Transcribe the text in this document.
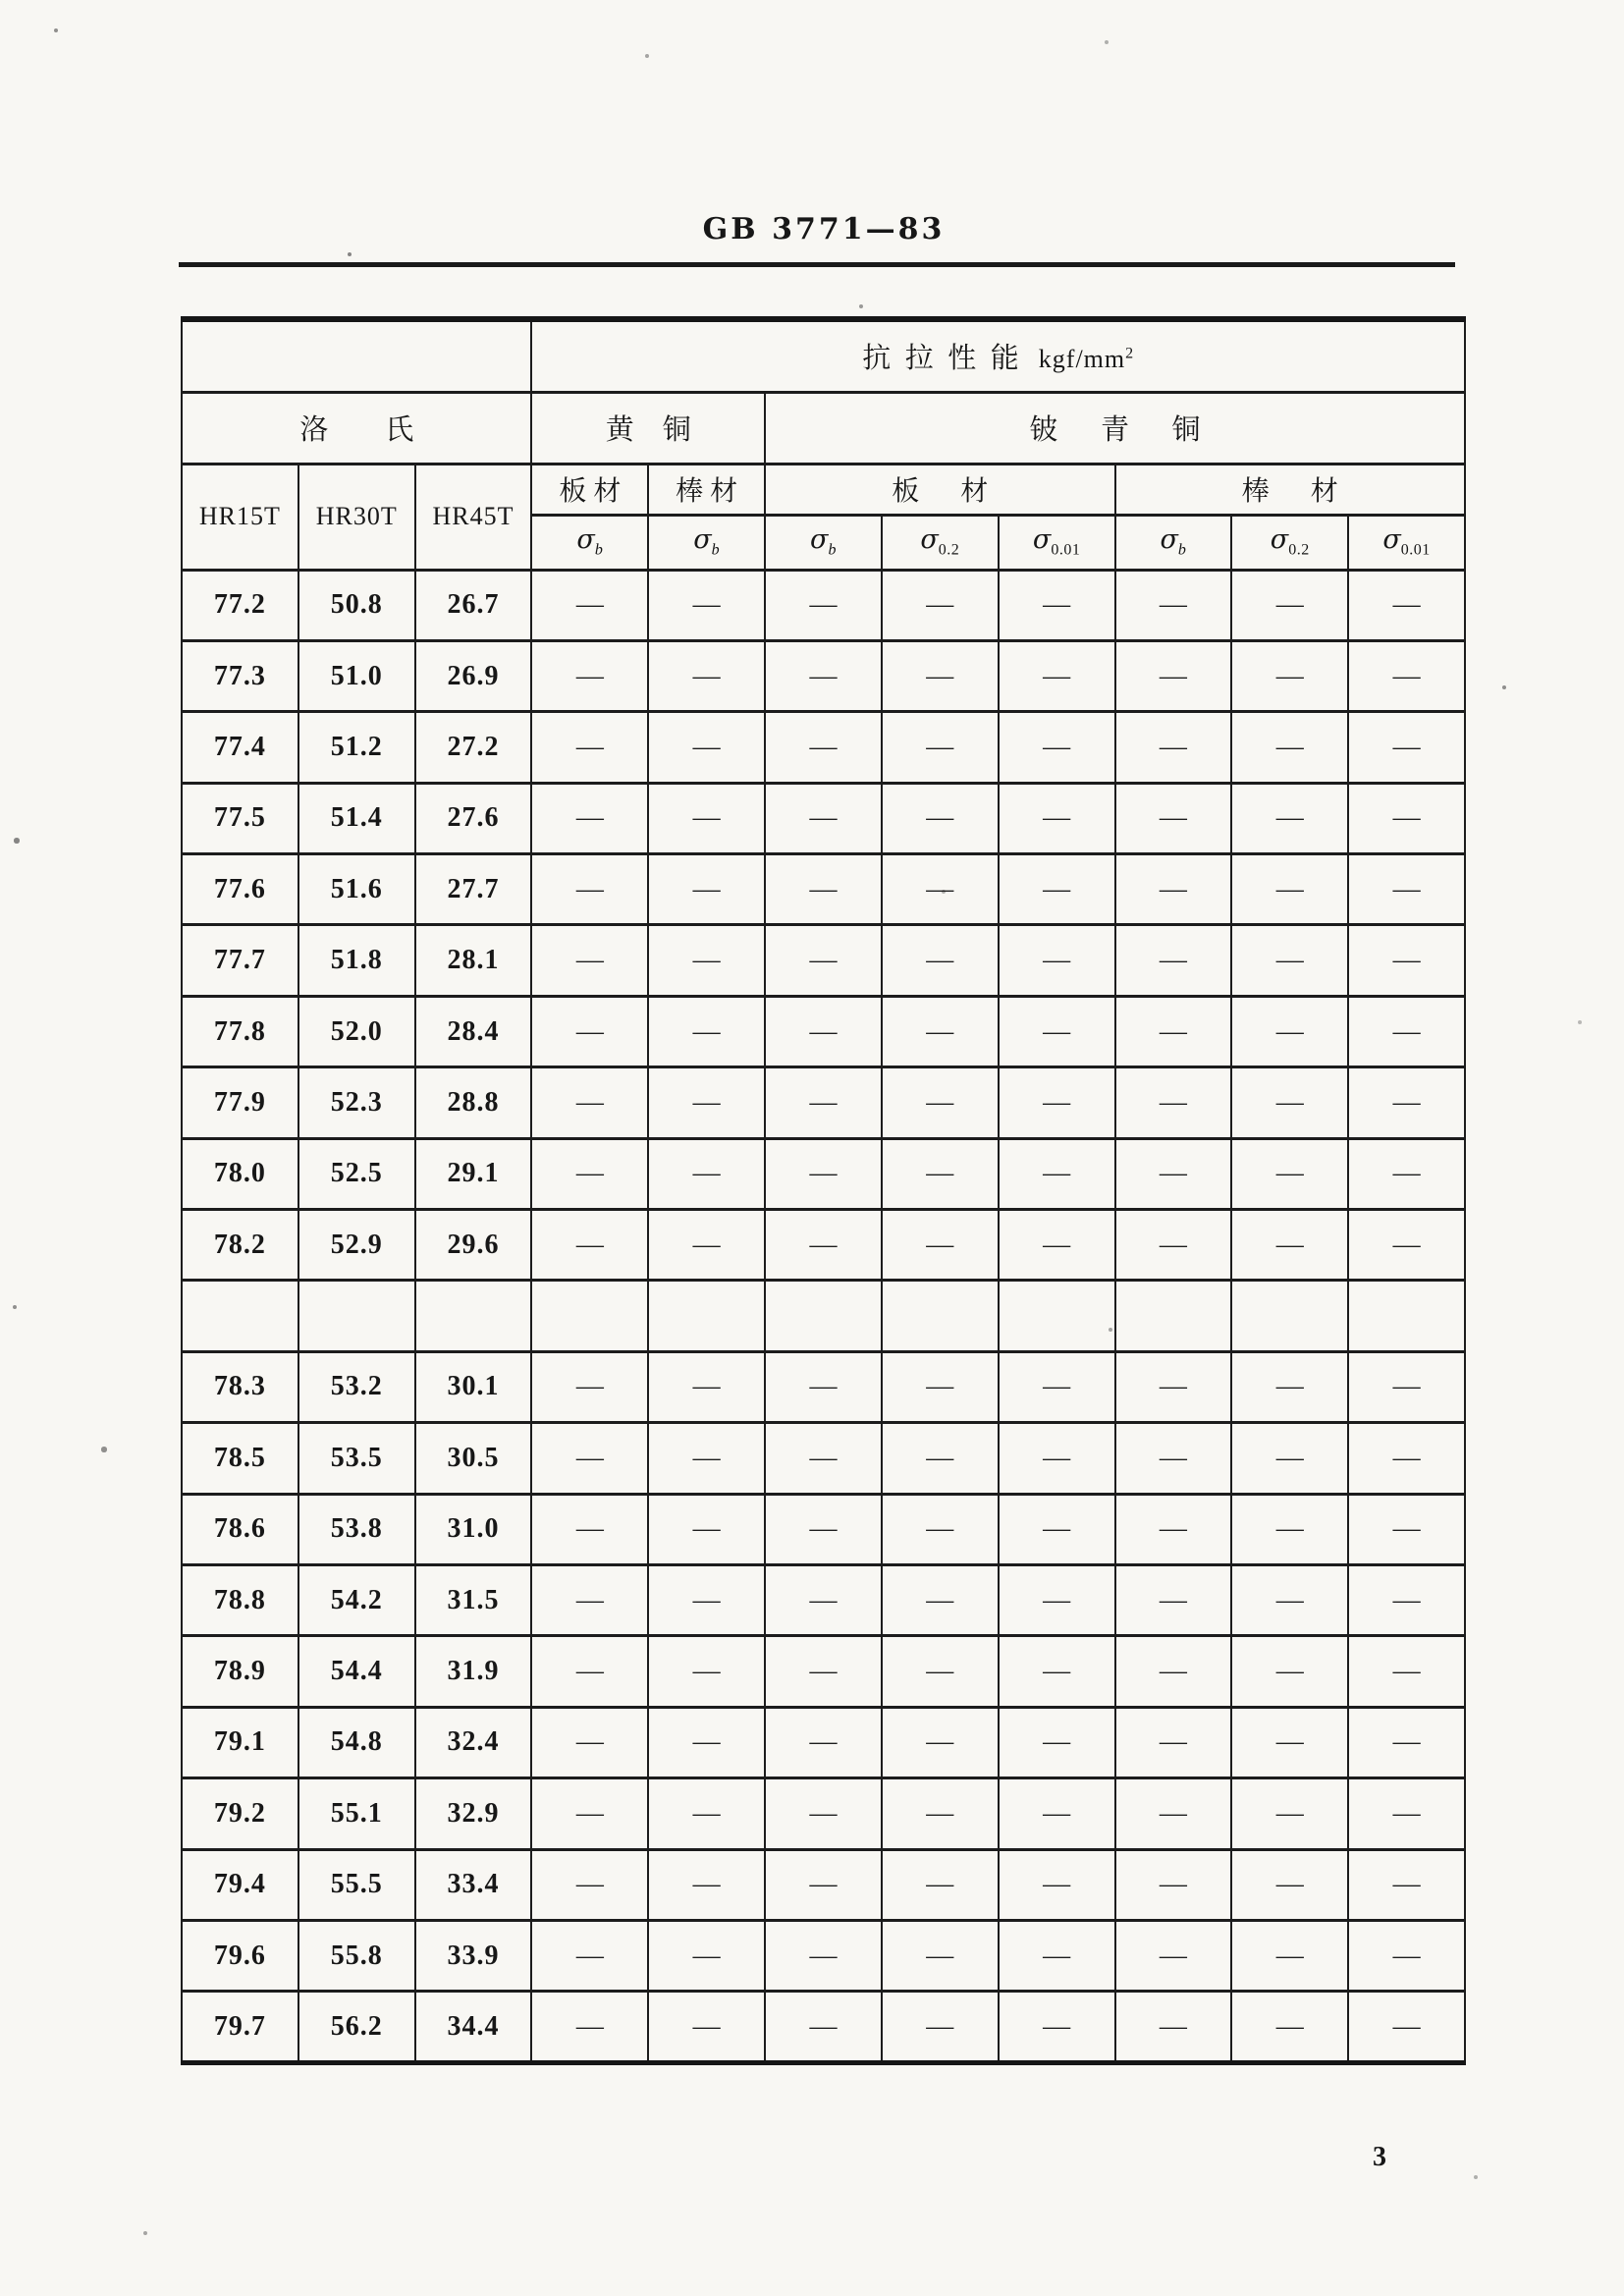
GB 3771—83
			抗  拉  性  能 kgf/$mm^2$
洛        氏			黄    铜		铍      青      铜					
HR15T	HR30T	HR45T	板 材	棒 材	板      材			棒      材		
			$\sigma_b$	$\sigma_b$	$\sigma_b$	$\sigma_{0.2}$	$\sigma_{0.01}$	$\sigma_b$	$\sigma_{0.2}$	$\sigma_{0.01}$
77.2	50.8	26.7	—	—	—	—	—	—	—	—
77.3	51.0	26.9	—	—	—	—	—	—	—	—
77.4	51.2	27.2	—	—	—	—	—	—	—	—
77.5	51.4	27.6	—	—	—	—	—	—	—	—
77.6	51.6	27.7	—	—	—	—	—	—	—	—
77.7	51.8	28.1	—	—	—	—	—	—	—	—
77.8	52.0	28.4	—	—	—	—	—	—	—	—
77.9	52.3	28.8	—	—	—	—	—	—	—	—
78.0	52.5	29.1	—	—	—	—	—	—	—	—
78.2	52.9	29.6	—	—	—	—	—	—	—	—

78.3	53.2	30.1	—	—	—	—	—	—	—	—
78.5	53.5	30.5	—	—	—	—	—	—	—	—
78.6	53.8	31.0	—	—	—	—	—	—	—	—
78.8	54.2	31.5	—	—	—	—	—	—	—	—
78.9	54.4	31.9	—	—	—	—	—	—	—	—
79.1	54.8	32.4	—	—	—	—	—	—	—	—
79.2	55.1	32.9	—	—	—	—	—	—	—	—
79.4	55.5	33.4	—	—	—	—	—	—	—	—
79.6	55.8	33.9	—	—	—	—	—	—	—	—
79.7	56.2	34.4	—	—	—	—	—	—	—	—
3
